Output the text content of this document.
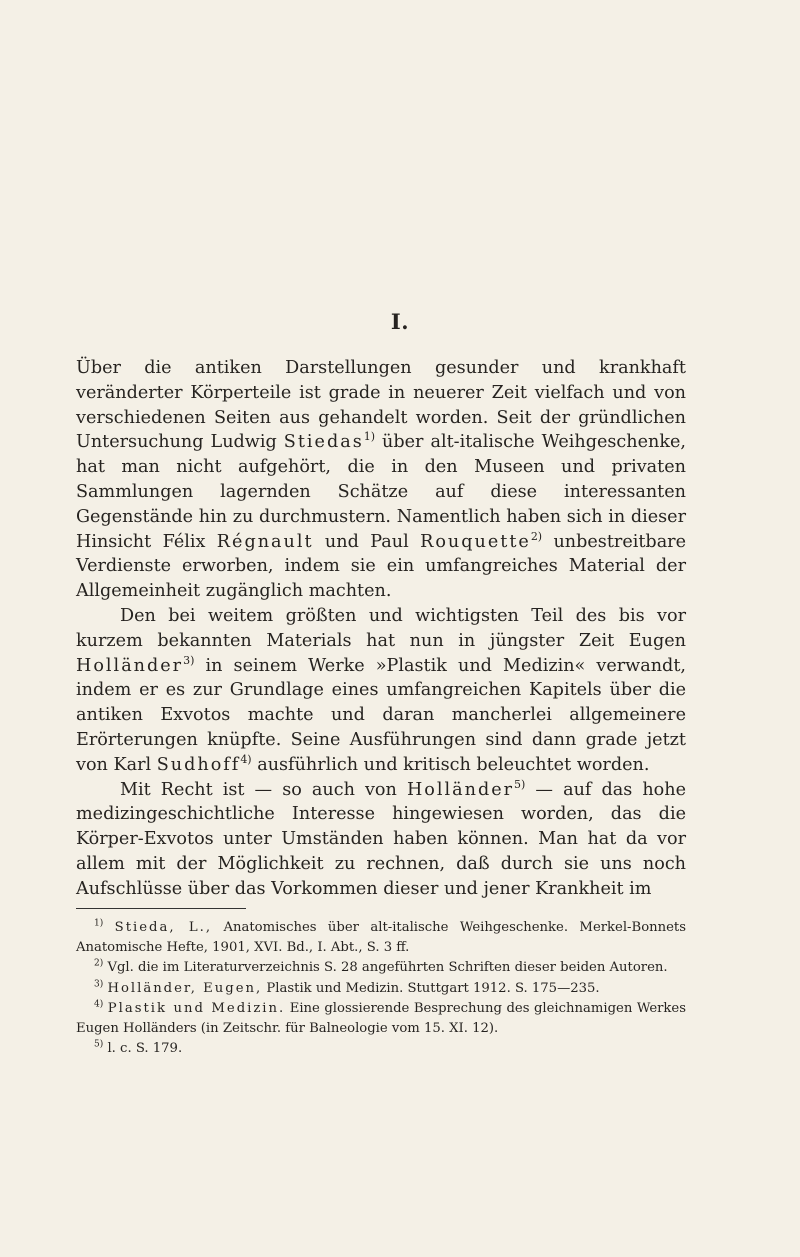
I.

Über die antiken Darstellungen gesunder und krankhaft veränderter Körperteile ist grade in neuerer Zeit vielfach und von verschiedenen Seiten aus gehandelt worden. Seit der gründlichen Untersuchung Ludwig Stiedas$^{1)}$ über alt-italische Weihgeschenke, hat man nicht aufgehört, die in den Museen und privaten Sammlungen lagernden Schätze auf diese interessanten Gegenstände hin zu durchmustern. Namentlich haben sich in dieser Hinsicht Félix Régnault und Paul Rouquette$^{2)}$ unbestreitbare Verdienste erworben, indem sie ein umfangreiches Material der Allgemeinheit zugänglich machten.

Den bei weitem größten und wichtigsten Teil des bis vor kurzem bekannten Materials hat nun in jüngster Zeit Eugen Holländer$^{3)}$ in seinem Werke »Plastik und Medizin« verwandt, indem er es zur Grundlage eines umfangreichen Kapitels über die antiken Exvotos machte und daran mancherlei allgemeinere Erörterungen knüpfte. Seine Ausführungen sind dann grade jetzt von Karl Sudhoff$^{4)}$ ausführlich und kritisch beleuchtet worden.

Mit Recht ist — so auch von Holländer$^{5)}$ — auf das hohe medizingeschichtliche Interesse hingewiesen worden, das die Körper-Exvotos unter Umständen haben können. Man hat da vor allem mit der Möglichkeit zu rechnen, daß durch sie uns noch Aufschlüsse über das Vorkommen dieser und jener Krankheit im

$^{1)}$ Stieda, L., Anatomisches über alt-italische Weihgeschenke. Merkel-Bonnets Anatomische Hefte, 1901, XVI. Bd., I. Abt., S. 3 ff.

$^{2)}$ Vgl. die im Literaturverzeichnis S. 28 angeführten Schriften dieser beiden Autoren.

$^{3)}$ Holländer, Eugen, Plastik und Medizin. Stuttgart 1912. S. 175—235.

$^{4)}$ Plastik und Medizin. Eine glossierende Besprechung des gleichnamigen Werkes Eugen Holländers (in Zeitschr. für Balneologie vom 15. XI. 12).

$^{5)}$ l. c. S. 179.
